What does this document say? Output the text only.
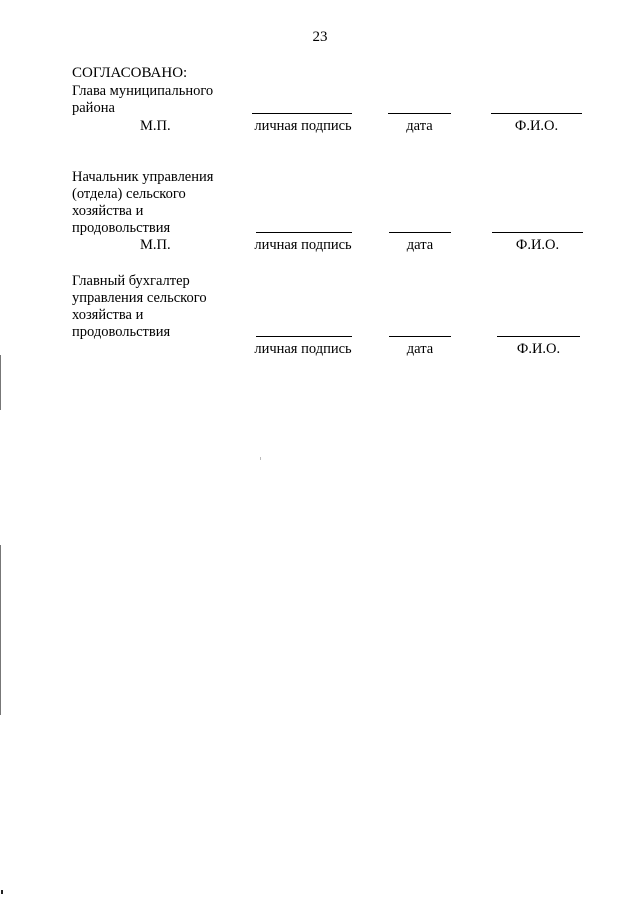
23
СОГЛАСОВАНО:
Глава муниципального
района
М.П.	личная подпись	дата	Ф.И.О.
Начальник управления
(отдела) сельского
хозяйства и
продовольствия
М.П.	личная подпись	дата	Ф.И.О.
Главный бухгалтер
управления сельского
хозяйства и
продовольствия
личная подпись	дата	Ф.И.О.
